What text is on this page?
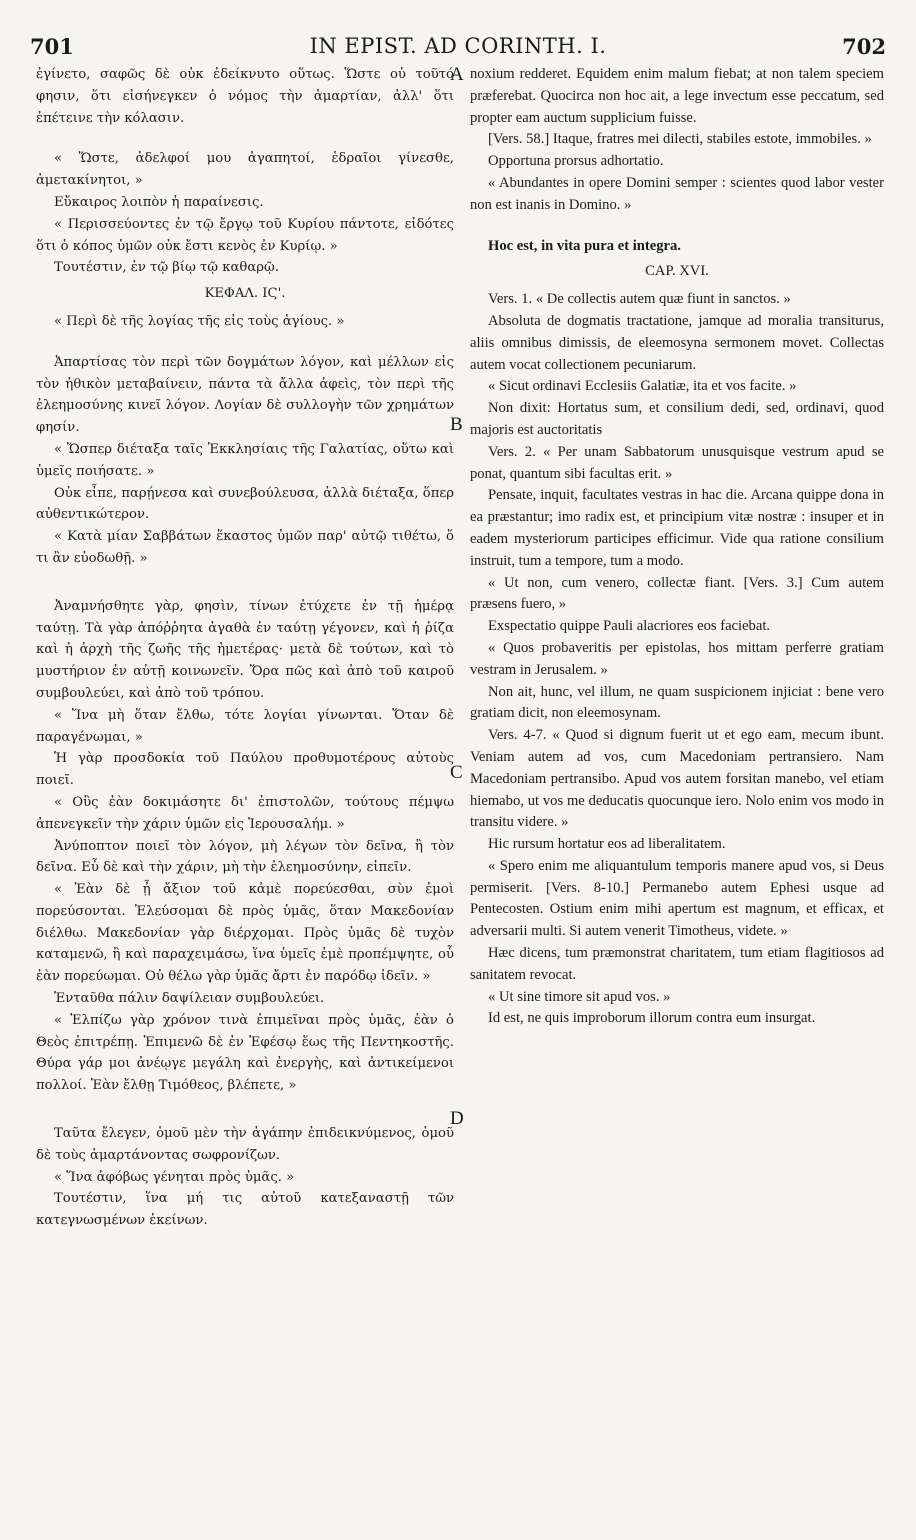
701	IN EPIST. AD CORINTH. I.	702
A
B
C
D

ἐγίνετο, σαφῶς δὲ οὐκ ἐδείκνυτο οὕτως. Ὥστε οὐ τοῦτό φησιν, ὅτι εἰσήνεγκεν ὁ νόμος τὴν ἁμαρτίαν, ἀλλ' ὅτι ἐπέτεινε τὴν κόλασιν.

« Ὥστε, ἀδελφοί μου ἀγαπητοί, ἑδραῖοι γίνεσθε, ἀμετακίνητοι, »

Εὔκαιρος λοιπὸν ἡ παραίνεσις.

« Περισσεύοντες ἐν τῷ ἔργῳ τοῦ Κυρίου πάντοτε, εἰδότες ὅτι ὁ κόπος ὑμῶν οὐκ ἔστι κενὸς ἐν Κυρίῳ. »

Τουτέστιν, ἐν τῷ βίῳ τῷ καθαρῷ.

ΚΕΦΑΛ. ΙϚ'.

« Περὶ δὲ τῆς λογίας τῆς εἰς τοὺς ἁγίους. »

Ἀπαρτίσας τὸν περὶ τῶν δογμάτων λόγον, καὶ μέλλων εἰς τὸν ἠθικὸν μεταβαίνειν, πάντα τὰ ἄλλα ἀφεὶς, τὸν περὶ τῆς ἐλεημοσύνης κινεῖ λόγον. Λογίαν δὲ συλλογὴν τῶν χρημάτων φησίν.

« Ὥσπερ διέταξα ταῖς Ἐκκλησίαις τῆς Γαλατίας, οὕτω καὶ ὑμεῖς ποιήσατε. »

Οὐκ εἶπε, παρῄνεσα καὶ συνεβούλευσα, ἀλλὰ διέταξα, ὅπερ αὐθεντικώτερον.

« Κατὰ μίαν Σαββάτων ἕκαστος ὑμῶν παρ' αὐτῷ τιθέτω, ὅ τι ἂν εὐοδωθῇ. »

Ἀναμνήσθητε γὰρ, φησὶν, τίνων ἐτύχετε ἐν τῇ ἡμέρᾳ ταύτῃ. Τὰ γὰρ ἀπόῤῥητα ἀγαθὰ ἐν ταύτῃ γέγονεν, καὶ ἡ ῥίζα καὶ ἡ ἀρχὴ τῆς ζωῆς τῆς ἡμετέρας· μετὰ δὲ τούτων, καὶ τὸ μυστήριον ἐν αὐτῇ κοινωνεῖν. Ὅρα πῶς καὶ ἀπὸ τοῦ καιροῦ συμβουλεύει, καὶ ἀπὸ τοῦ τρόπου.

« Ἵνα μὴ ὅταν ἔλθω, τότε λογίαι γίνωνται. Ὅταν δὲ παραγένωμαι, »

Ἡ γὰρ προσδοκία τοῦ Παύλου προθυμοτέρους αὐτοὺς ποιεῖ.

« Οὓς ἐὰν δοκιμάσητε δι' ἐπιστολῶν, τούτους πέμψω ἀπενεγκεῖν τὴν χάριν ὑμῶν εἰς Ἱερουσαλήμ. »

Ἀνύποπτον ποιεῖ τὸν λόγον, μὴ λέγων τὸν δεῖνα, ἢ τὸν δεῖνα. Εὖ δὲ καὶ τὴν χάριν, μὴ τὴν ἐλεημοσύνην, εἰπεῖν.

« Ἐὰν δὲ ᾖ ἄξιον τοῦ κἀμὲ πορεύεσθαι, σὺν ἐμοὶ πορεύσονται. Ἐλεύσομαι δὲ πρὸς ὑμᾶς, ὅταν Μακεδονίαν διέλθω. Μακεδονίαν γὰρ διέρχομαι. Πρὸς ὑμᾶς δὲ τυχὸν καταμενῶ, ἢ καὶ παραχειμάσω, ἵνα ὑμεῖς ἐμὲ προπέμψητε, οὗ ἐὰν πορεύωμαι. Οὐ θέλω γὰρ ὑμᾶς ἄρτι ἐν παρόδῳ ἰδεῖν. »

Ἐνταῦθα πάλιν δαψίλειαν συμβουλεύει.

« Ἐλπίζω γὰρ χρόνον τινὰ ἐπιμεῖναι πρὸς ὑμᾶς, ἐὰν ὁ Θεὸς ἐπιτρέπῃ. Ἐπιμενῶ δὲ ἐν Ἐφέσῳ ἕως τῆς Πεντηκοστῆς. Θύρα γάρ μοι ἀνέῳγε μεγάλη καὶ ἐνεργὴς, καὶ ἀντικείμενοι πολλοί. Ἐὰν ἔλθῃ Τιμόθεος, βλέπετε, »

Ταῦτα ἔλεγεν, ὁμοῦ μὲν τὴν ἀγάπην ἐπιδεικνύμενος, ὁμοῦ δὲ τοὺς ἁμαρτάνοντας σωφρονίζων.

« Ἵνα ἀφόβως γένηται πρὸς ὑμᾶς. »

Τουτέστιν, ἵνα μή τις αὐτοῦ κατεξαναστῇ τῶν κατεγνωσμένων ἐκείνων.

noxium redderet. Equidem enim malum fiebat; at non talem speciem præferebat. Quocirca non hoc ait, a lege invectum esse peccatum, sed propter eam auctum supplicium fuisse.

[Vers. 58.] Itaque, fratres mei dilecti, stabiles estote, immobiles. »

Opportuna prorsus adhortatio.

« Abundantes in opere Domini semper : scientes quod labor vester non est inanis in Domino. »

Hoc est, in vita pura et integra.

CAP. XVI.

Vers. 1. « De collectis autem quæ fiunt in sanctos. »

Absoluta de dogmatis tractatione, jamque ad moralia transiturus, aliis omnibus dimissis, de eleemosyna sermonem movet. Collectas autem vocat collectionem pecuniarum.

« Sicut ordinavi Ecclesiis Galatiæ, ita et vos facite. »

Non dixit: Hortatus sum, et consilium dedi, sed, ordinavi, quod majoris est auctoritatis

Vers. 2. « Per unam Sabbatorum unusquisque vestrum apud se ponat, quantum sibi facultas erit. »

Pensate, inquit, facultates vestras in hac die. Arcana quippe dona in ea præstantur; imo radix est, et principium vitæ nostræ : insuper et in eadem mysteriorum participes efficimur. Vide qua ratione consilium instruit, tum a tempore, tum a modo.

« Ut non, cum venero, collectæ fiant. [Vers. 3.] Cum autem præsens fuero, »

Exspectatio quippe Pauli alacriores eos faciebat.

« Quos probaveritis per epistolas, hos mittam perferre gratiam vestram in Jerusalem. »

Non ait, hunc, vel illum, ne quam suspicionem injiciat : bene vero gratiam dicit, non eleemosynam.

Vers. 4-7. « Quod si dignum fuerit ut et ego eam, mecum ibunt. Veniam autem ad vos, cum Macedoniam pertransiero. Nam Macedoniam pertransibo. Apud vos autem forsitan manebo, vel etiam hiemabo, ut vos me deducatis quocunque iero. Nolo enim vos modo in transitu videre. »

Hic rursum hortatur eos ad liberalitatem.

« Spero enim me aliquantulum temporis manere apud vos, si Deus permiserit. [Vers. 8-10.] Permanebo autem Ephesi usque ad Pentecosten. Ostium enim mihi apertum est magnum, et efficax, et adversarii multi. Si autem venerit Timotheus, videte. »

Hæc dicens, tum præmonstrat charitatem, tum etiam flagitiosos ad sanitatem revocat.

« Ut sine timore sit apud vos. »

Id est, ne quis improborum illorum contra eum insurgat.
